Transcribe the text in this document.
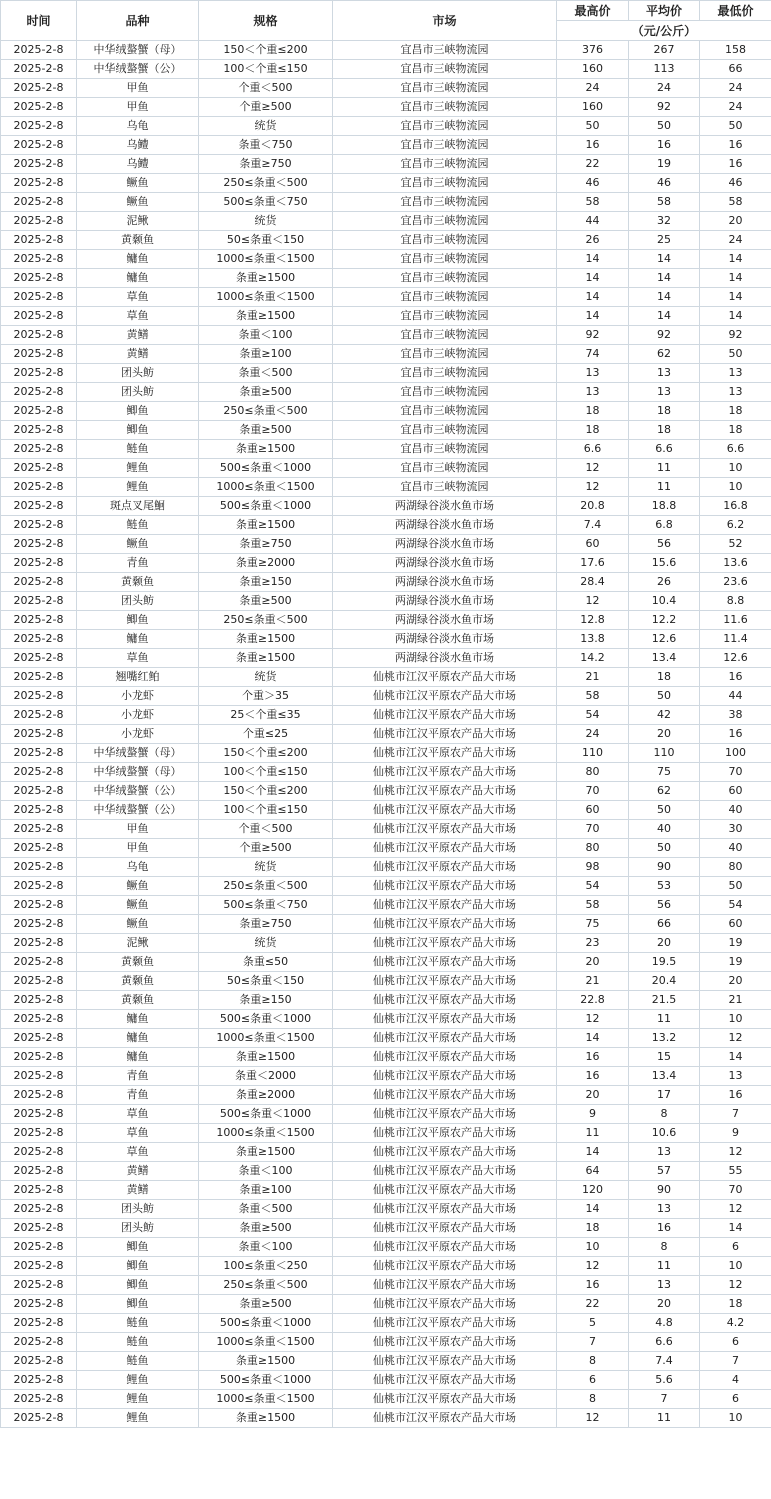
时间	品种	规格	市场	最高价	平均价	最低价
				（元/公斤）		
2025-2-8	中华绒螯蟹（母）	150＜个重≤200	宜昌市三峡物流园	376	267	158
2025-2-8	中华绒螯蟹（公）	100＜个重≤150	宜昌市三峡物流园	160	113	66
2025-2-8	甲鱼	个重＜500	宜昌市三峡物流园	24	24	24
2025-2-8	甲鱼	个重≥500	宜昌市三峡物流园	160	92	24
2025-2-8	乌龟	统货	宜昌市三峡物流园	50	50	50
2025-2-8	乌鳢	条重＜750	宜昌市三峡物流园	16	16	16
2025-2-8	乌鳢	条重≥750	宜昌市三峡物流园	22	19	16
2025-2-8	鳜鱼	250≤条重＜500	宜昌市三峡物流园	46	46	46
2025-2-8	鳜鱼	500≤条重＜750	宜昌市三峡物流园	58	58	58
2025-2-8	泥鳅	统货	宜昌市三峡物流园	44	32	20
2025-2-8	黄颡鱼	50≤条重＜150	宜昌市三峡物流园	26	25	24
2025-2-8	鳙鱼	1000≤条重＜1500	宜昌市三峡物流园	14	14	14
2025-2-8	鳙鱼	条重≥1500	宜昌市三峡物流园	14	14	14
2025-2-8	草鱼	1000≤条重＜1500	宜昌市三峡物流园	14	14	14
2025-2-8	草鱼	条重≥1500	宜昌市三峡物流园	14	14	14
2025-2-8	黄鳝	条重＜100	宜昌市三峡物流园	92	92	92
2025-2-8	黄鳝	条重≥100	宜昌市三峡物流园	74	62	50
2025-2-8	团头鲂	条重＜500	宜昌市三峡物流园	13	13	13
2025-2-8	团头鲂	条重≥500	宜昌市三峡物流园	13	13	13
2025-2-8	鲫鱼	250≤条重＜500	宜昌市三峡物流园	18	18	18
2025-2-8	鲫鱼	条重≥500	宜昌市三峡物流园	18	18	18
2025-2-8	鲢鱼	条重≥1500	宜昌市三峡物流园	6.6	6.6	6.6
2025-2-8	鲤鱼	500≤条重＜1000	宜昌市三峡物流园	12	11	10
2025-2-8	鲤鱼	1000≤条重＜1500	宜昌市三峡物流园	12	11	10
2025-2-8	斑点叉尾鮰	500≤条重＜1000	两湖绿谷淡水鱼市场	20.8	18.8	16.8
2025-2-8	鲢鱼	条重≥1500	两湖绿谷淡水鱼市场	7.4	6.8	6.2
2025-2-8	鳜鱼	条重≥750	两湖绿谷淡水鱼市场	60	56	52
2025-2-8	青鱼	条重≥2000	两湖绿谷淡水鱼市场	17.6	15.6	13.6
2025-2-8	黄颡鱼	条重≥150	两湖绿谷淡水鱼市场	28.4	26	23.6
2025-2-8	团头鲂	条重≥500	两湖绿谷淡水鱼市场	12	10.4	8.8
2025-2-8	鲫鱼	250≤条重＜500	两湖绿谷淡水鱼市场	12.8	12.2	11.6
2025-2-8	鳙鱼	条重≥1500	两湖绿谷淡水鱼市场	13.8	12.6	11.4
2025-2-8	草鱼	条重≥1500	两湖绿谷淡水鱼市场	14.2	13.4	12.6
2025-2-8	翘嘴红鲌	统货	仙桃市江汉平原农产品大市场	21	18	16
2025-2-8	小龙虾	个重＞35	仙桃市江汉平原农产品大市场	58	50	44
2025-2-8	小龙虾	25＜个重≤35	仙桃市江汉平原农产品大市场	54	42	38
2025-2-8	小龙虾	个重≤25	仙桃市江汉平原农产品大市场	24	20	16
2025-2-8	中华绒螯蟹（母）	150＜个重≤200	仙桃市江汉平原农产品大市场	110	110	100
2025-2-8	中华绒螯蟹（母）	100＜个重≤150	仙桃市江汉平原农产品大市场	80	75	70
2025-2-8	中华绒螯蟹（公）	150＜个重≤200	仙桃市江汉平原农产品大市场	70	62	60
2025-2-8	中华绒螯蟹（公）	100＜个重≤150	仙桃市江汉平原农产品大市场	60	50	40
2025-2-8	甲鱼	个重＜500	仙桃市江汉平原农产品大市场	70	40	30
2025-2-8	甲鱼	个重≥500	仙桃市江汉平原农产品大市场	80	50	40
2025-2-8	乌龟	统货	仙桃市江汉平原农产品大市场	98	90	80
2025-2-8	鳜鱼	250≤条重＜500	仙桃市江汉平原农产品大市场	54	53	50
2025-2-8	鳜鱼	500≤条重＜750	仙桃市江汉平原农产品大市场	58	56	54
2025-2-8	鳜鱼	条重≥750	仙桃市江汉平原农产品大市场	75	66	60
2025-2-8	泥鳅	统货	仙桃市江汉平原农产品大市场	23	20	19
2025-2-8	黄颡鱼	条重≤50	仙桃市江汉平原农产品大市场	20	19.5	19
2025-2-8	黄颡鱼	50≤条重＜150	仙桃市江汉平原农产品大市场	21	20.4	20
2025-2-8	黄颡鱼	条重≥150	仙桃市江汉平原农产品大市场	22.8	21.5	21
2025-2-8	鳙鱼	500≤条重＜1000	仙桃市江汉平原农产品大市场	12	11	10
2025-2-8	鳙鱼	1000≤条重＜1500	仙桃市江汉平原农产品大市场	14	13.2	12
2025-2-8	鳙鱼	条重≥1500	仙桃市江汉平原农产品大市场	16	15	14
2025-2-8	青鱼	条重＜2000	仙桃市江汉平原农产品大市场	16	13.4	13
2025-2-8	青鱼	条重≥2000	仙桃市江汉平原农产品大市场	20	17	16
2025-2-8	草鱼	500≤条重＜1000	仙桃市江汉平原农产品大市场	9	8	7
2025-2-8	草鱼	1000≤条重＜1500	仙桃市江汉平原农产品大市场	11	10.6	9
2025-2-8	草鱼	条重≥1500	仙桃市江汉平原农产品大市场	14	13	12
2025-2-8	黄鳝	条重＜100	仙桃市江汉平原农产品大市场	64	57	55
2025-2-8	黄鳝	条重≥100	仙桃市江汉平原农产品大市场	120	90	70
2025-2-8	团头鲂	条重＜500	仙桃市江汉平原农产品大市场	14	13	12
2025-2-8	团头鲂	条重≥500	仙桃市江汉平原农产品大市场	18	16	14
2025-2-8	鲫鱼	条重＜100	仙桃市江汉平原农产品大市场	10	8	6
2025-2-8	鲫鱼	100≤条重＜250	仙桃市江汉平原农产品大市场	12	11	10
2025-2-8	鲫鱼	250≤条重＜500	仙桃市江汉平原农产品大市场	16	13	12
2025-2-8	鲫鱼	条重≥500	仙桃市江汉平原农产品大市场	22	20	18
2025-2-8	鲢鱼	500≤条重＜1000	仙桃市江汉平原农产品大市场	5	4.8	4.2
2025-2-8	鲢鱼	1000≤条重＜1500	仙桃市江汉平原农产品大市场	7	6.6	6
2025-2-8	鲢鱼	条重≥1500	仙桃市江汉平原农产品大市场	8	7.4	7
2025-2-8	鲤鱼	500≤条重＜1000	仙桃市江汉平原农产品大市场	6	5.6	4
2025-2-8	鲤鱼	1000≤条重＜1500	仙桃市江汉平原农产品大市场	8	7	6
2025-2-8	鲤鱼	条重≥1500	仙桃市江汉平原农产品大市场	12	11	10
